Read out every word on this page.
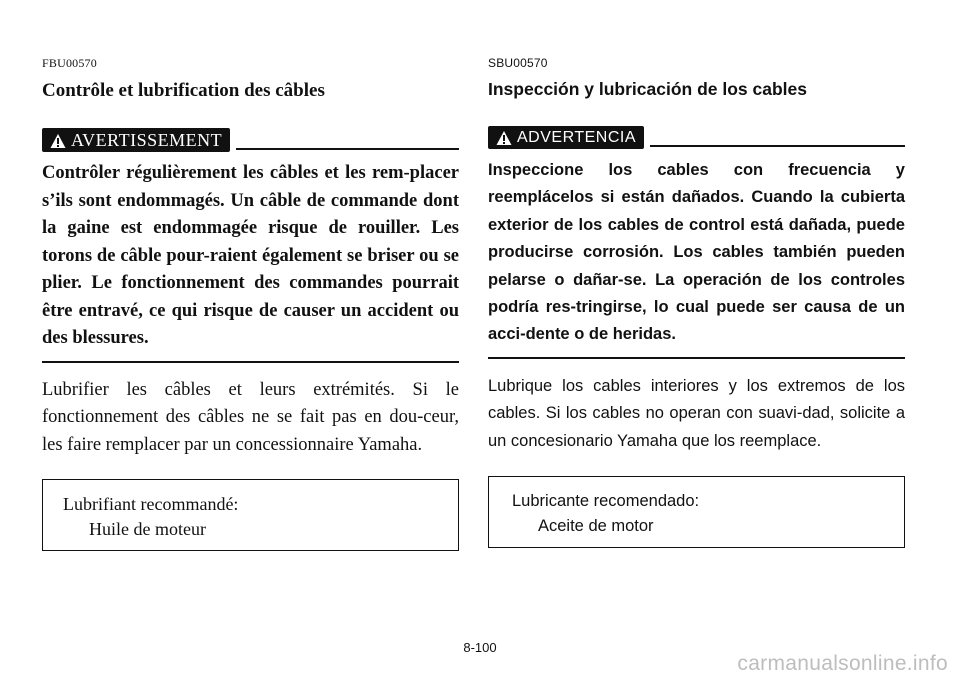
FBU00570
Contrôle et lubrification des câbles
AVERTISSEMENT

Contrôler régulièrement les câbles et les rem-placer s’ils sont endommagés. Un câble de commande dont la gaine est endommagée risque de rouiller. Les torons de câble pour-raient également se briser ou se plier. Le fonctionnement des commandes pourrait être entravé, ce qui risque de causer un accident ou des blessures.

Lubrifier les câbles et leurs extrémités. Si le fonctionnement des câbles ne se fait pas en dou-ceur, les faire remplacer par un concessionnaire Yamaha.

Lubrifiant recommandé:
Huile de moteur
SBU00570
Inspección y lubricación de los cables
ADVERTENCIA

Inspeccione los cables con frecuencia y reemplácelos si están dañados. Cuando la cubierta exterior de los cables de control está dañada, puede producirse corrosión. Los cables también pueden pelarse o dañar-se. La operación de los controles podría res-tringirse, lo cual puede ser causa de un acci-dente o de heridas.

Lubrique los cables interiores y los extremos de los cables. Si los cables no operan con suavi-dad, solicite a un concesionario Yamaha que los reemplace.

Lubricante recomendado:
Aceite de motor
8-100
carmanualsonline.info
